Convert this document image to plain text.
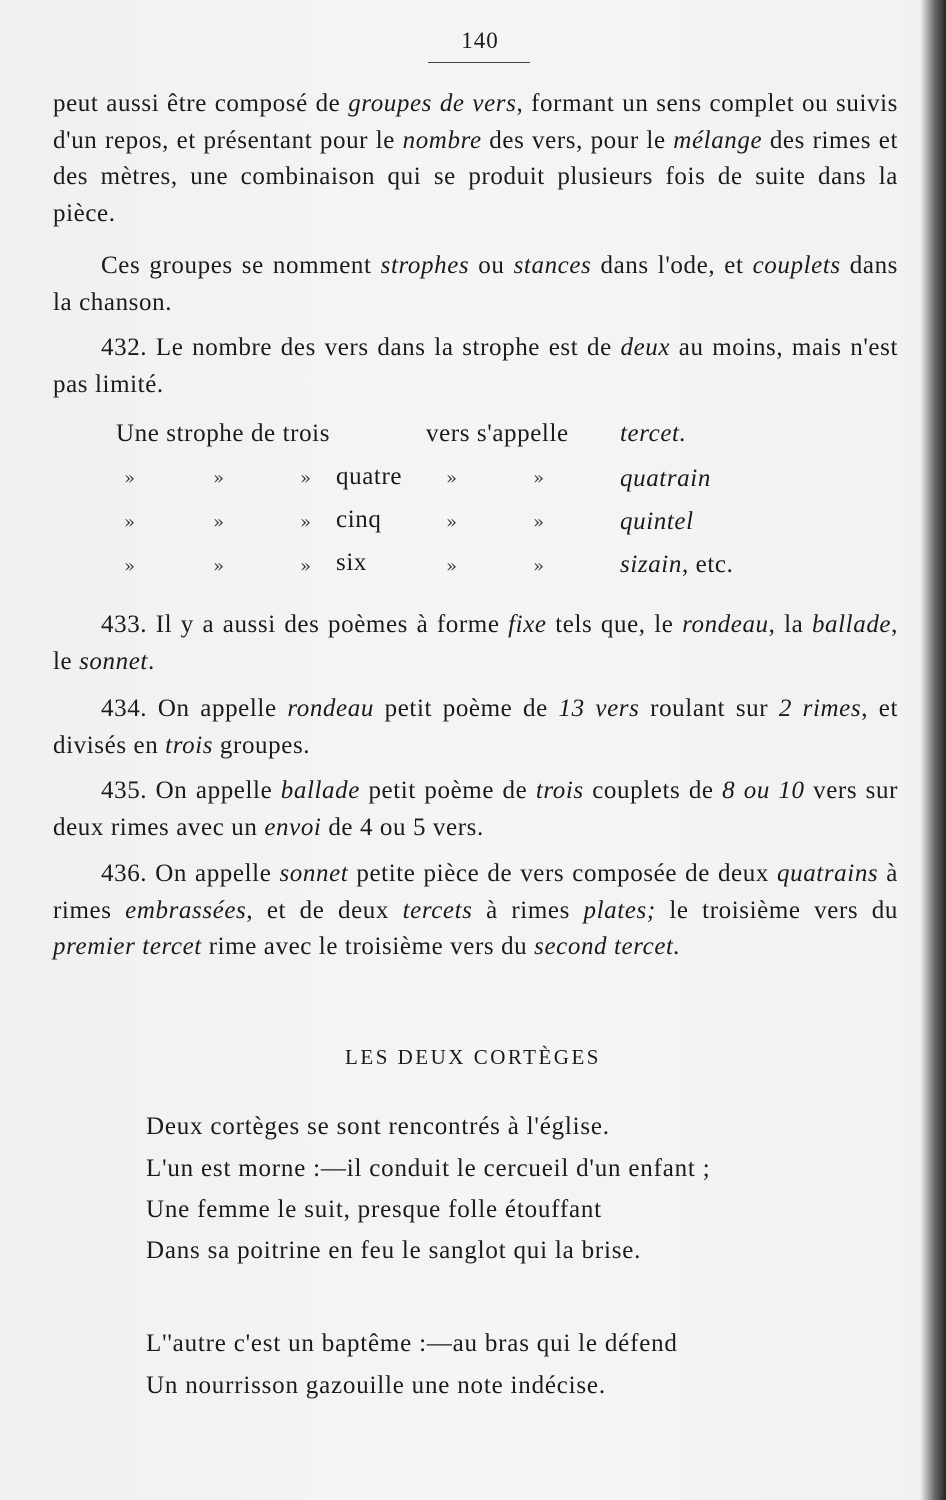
140
peut aussi être composé de groupes de vers, formant un sens complet ou suivis d'un repos, et présentant pour le nombre des vers, pour le mélange des rimes et des mètres, une combinaison qui se produit plusieurs fois de suite dans la pièce.
Ces groupes se nomment strophes ou stances dans l'ode, et couplets dans la chanson.
432. Le nombre des vers dans la strophe est de deux au moins, mais n'est pas limité.
Une strophe de trois	vers s'appelle tercet.
»	»	» quatre »	»	quatrain
»	»	» cinq	»	»	quintel
»	»	» six	»	»	sizain, etc.
433. Il y a aussi des poèmes à forme fixe tels que, le rondeau, la ballade, le sonnet.
434. On appelle rondeau petit poème de 13 vers roulant sur 2 rimes, et divisés en trois groupes.
435. On appelle ballade petit poème de trois couplets de 8 ou 10 vers sur deux rimes avec un envoi de 4 ou 5 vers.
436. On appelle sonnet petite pièce de vers composée de deux quatrains à rimes embrassées, et de deux tercets à rimes plates; le troisième vers du premier tercet rime avec le troisième vers du second tercet.
LES DEUX CORTÈGES
Deux cortèges se sont rencontrés à l'église.
L'un est morne :—il conduit le cercueil d'un enfant ;
Une femme le suit, presque folle étouffant
Dans sa poitrine en feu le sanglot qui la brise.
L''autre c'est un baptême :—au bras qui le défend
Un nourrisson gazouille une note indécise.
